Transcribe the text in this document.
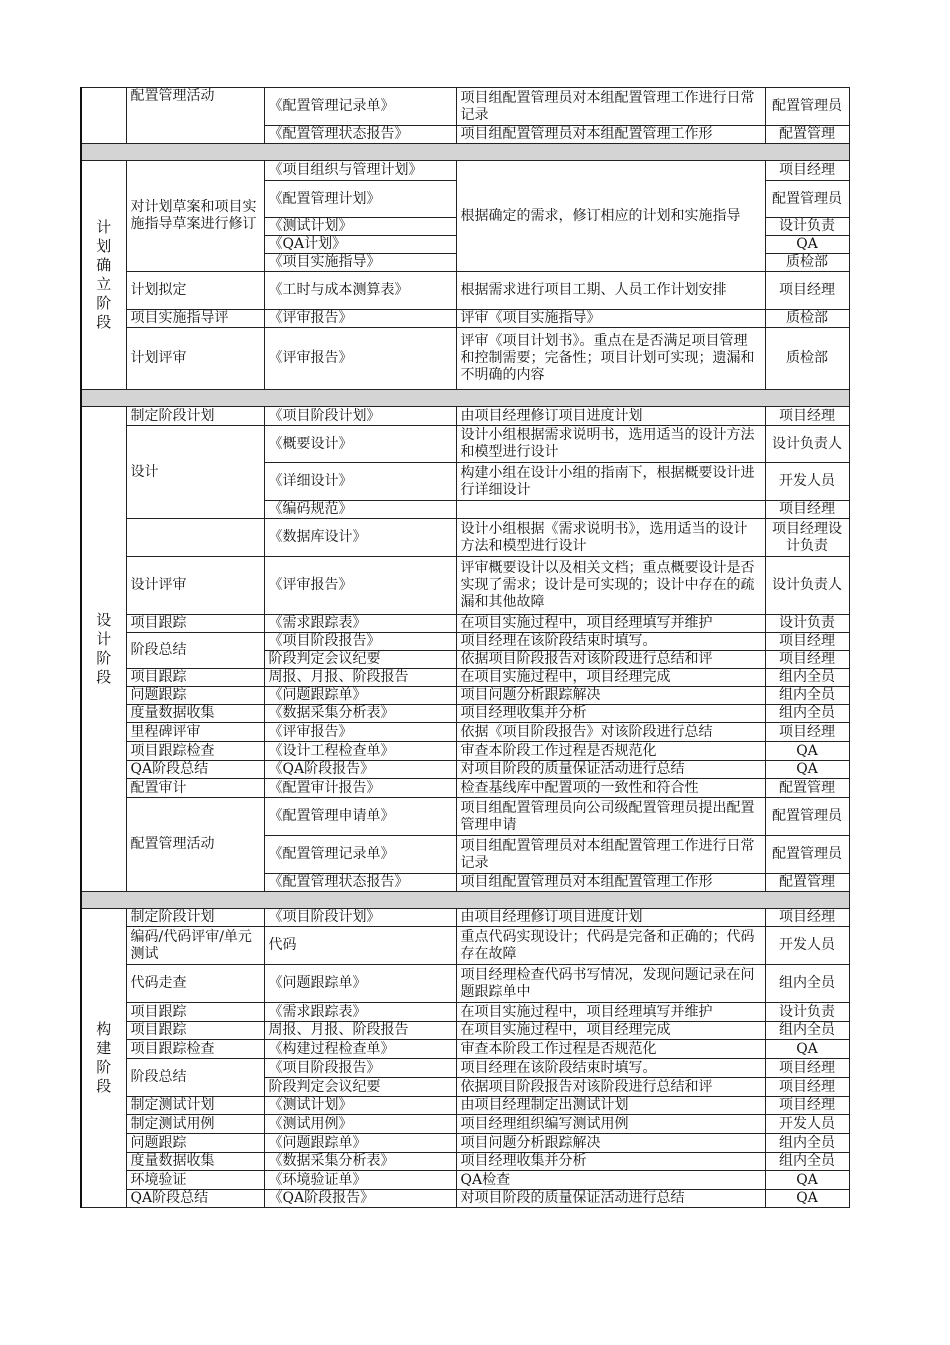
	配置管理活动	《配置管理记录单》	项目组配置管理员对本组配置管理工作进行日常记录	配置管理员
		《配置管理状态报告》	项目组配置管理员对本组配置管理工作形	配置管理

计划确立阶段	对计划草案和项目实施指导草案进行修订	《项目组织与管理计划》	根据确定的需求，修订相应的计划和实施指导	项目经理
		《配置管理计划》		配置管理员
		《测试计划》		设计负责
		《QA计划》		QA
		《项目实施指导》		质检部
	计划拟定	《工时与成本测算表》	根据需求进行项目工期、人员工作计划安排	项目经理
	项目实施指导评	《评审报告》	评审《项目实施指导》	质检部
	计划评审	《评审报告》	评审《项目计划书》。重点在是否满足项目管理和控制需要；完备性；项目计划可实现；遗漏和不明确的内容	质检部

设计阶段	制定阶段计划	《项目阶段计划》	由项目经理修订项目进度计划	项目经理
	设计	《概要设计》	设计小组根据需求说明书，选用适当的设计方法和模型进行设计	设计负责人
		《详细设计》	构建小组在设计小组的指南下，根据概要设计进行详细设计	开发人员
		《编码规范》		项目经理
		《数据库设计》	设计小组根据《需求说明书》，选用适当的设计方法和模型进行设计	项目经理设计负责
	设计评审	《评审报告》	评审概要设计以及相关文档；重点概要设计是否实现了需求；设计是可实现的；设计中存在的疏漏和其他故障	设计负责人
	项目跟踪	《需求跟踪表》	在项目实施过程中，项目经理填写并维护	设计负责
	阶段总结	《项目阶段报告》	项目经理在该阶段结束时填写。	项目经理
		阶段判定会议纪要	依据项目阶段报告对该阶段进行总结和评	项目经理
	项目跟踪	周报、月报、阶段报告	在项目实施过程中，项目经理完成	组内全员
	问题跟踪	《问题跟踪单》	项目问题分析跟踪解决	组内全员
	度量数据收集	《数据采集分析表》	项目经理收集并分析	组内全员
	里程碑评审	《评审报告》	依据《项目阶段报告》对该阶段进行总结	项目经理
	项目跟踪检查	《设计工程检查单》	审查本阶段工作过程是否规范化	QA
	QA阶段总结	《QA阶段报告》	对项目阶段的质量保证活动进行总结	QA
	配置审计	《配置审计报告》	检查基线库中配置项的一致性和符合性	配置管理
	配置管理活动	《配置管理申请单》	项目组配置管理员向公司级配置管理员提出配置管理申请	配置管理员
		《配置管理记录单》	项目组配置管理员对本组配置管理工作进行日常记录	配置管理员
		《配置管理状态报告》	项目组配置管理员对本组配置管理工作形	配置管理

构建阶段	制定阶段计划	《项目阶段计划》	由项目经理修订项目进度计划	项目经理
	编码/代码评审/单元测试	代码	重点代码实现设计；代码是完备和正确的；代码存在故障	开发人员
	代码走查	《问题跟踪单》	项目经理检查代码书写情况，发现问题记录在问题跟踪单中	组内全员
	项目跟踪	《需求跟踪表》	在项目实施过程中，项目经理填写并维护	设计负责
	项目跟踪	周报、月报、阶段报告	在项目实施过程中，项目经理完成	组内全员
	项目跟踪检查	《构建过程检查单》	审查本阶段工作过程是否规范化	QA
	阶段总结	《项目阶段报告》	项目经理在该阶段结束时填写。	项目经理
		阶段判定会议纪要	依据项目阶段报告对该阶段进行总结和评	项目经理
	制定测试计划	《测试计划》	由项目经理制定出测试计划	项目经理
	制定测试用例	《测试用例》	项目经理组织编写测试用例	开发人员
	问题跟踪	《问题跟踪单》	项目问题分析跟踪解决	组内全员
	度量数据收集	《数据采集分析表》	项目经理收集并分析	组内全员
	环境验证	《环境验证单》	QA检查	QA
	QA阶段总结	《QA阶段报告》	对项目阶段的质量保证活动进行总结	QA
